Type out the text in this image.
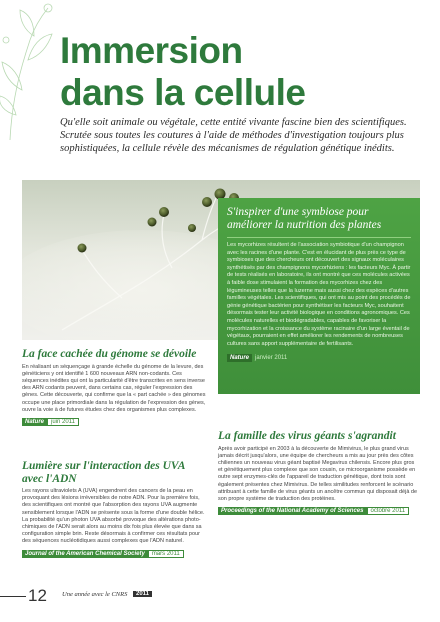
Immersion
dans la cellule

Qu'elle soit animale ou végétale, cette entité vivante fascine bien des scientifiques. Scrutée sous toutes les coutures à l'aide de méthodes d'investigation toujours plus sophistiquées, la cellule révèle des mécanismes de régulation génétique inédits.

S'inspirer d'une symbiose pour améliorer la nutrition des plantes

Les mycorhizes résultent de l'association symbiotique d'un champignon avec les racines d'une plante. C'est en élucidant de plus près ce type de symbioses que des chercheurs ont découvert des signaux moléculaires synthétisés par des champignons mycorhiziens : les facteurs Myc. À partir de tests réalisés en laboratoire, ils ont montré que ces molécules activées à faible dose stimulaient la formation des mycorhizes chez des légumineuses telles que la luzerne mais aussi chez des espèces d'autres familles végétales. Les scientifiques, qui ont mis au point des procédés de génie génétique bactérien pour synthétiser les facteurs Myc, souhaitent désormais tester leur activité biologique en conditions agronomiques. Ces molécules naturelles et biodégradables, capables de favoriser la mycorhization et la croissance du système racinaire d'un large éventail de végétaux, pourraient en effet améliorer les rendements de nombreuses cultures sans apport supplémentaire de fertilisants.

Nature janvier 2011
La face cachée du génome se dévoile

En réalisant un séquençage à grande échelle du génome de la levure, des généticiens y ont identifié 1 600 nouveaux ARN non-codants. Ces séquences inédites qui ont la particularité d'être transcrites en sens inverse des ARN codants peuvent, dans certains cas, réguler l'expression des gènes. Cette découverte, qui confirme que la « part cachée » des génomes occupe une place primordiale dans la régulation de l'expression des gènes, ouvre la voie à de futures études chez des organismes plus complexes.

Nature juin 2011
Lumière sur l'interaction des UVA avec l'ADN

Les rayons ultraviolets A (UVA) engendrent des cancers de la peau en provoquant des lésions irréversibles de notre ADN. Pour la première fois, des scientifiques ont montré que l'absorption des rayons UVA augmente sensiblement lorsque l'ADN se présente sous la forme d'une double hélice. La probabilité qu'un photon UVA absorbé provoque des altérations photo-chimiques de l'ADN serait alors au moins dix fois plus élevée que dans sa configuration simple brin. Reste désormais à confirmer ces résultats pour des séquences nucléotidiques aussi complexes que l'ADN naturel.

Journal of the American Chemical Society mars 2011
La famille des virus géants s'agrandit

Après avoir participé en 2003 à la découverte de Mimivirus, le plus grand virus jamais décrit jusqu'alors, une équipe de chercheurs a mis au jour près des côtes chiliennes un nouveau virus géant baptisé Megavirus chilensis. Encore plus gros et génétiquement plus complexe que son cousin, ce microorganisme possède en outre sept enzymes-clés de l'appareil de traduction génétique, dont trois sont également présentes chez Mimivirus. De telles similitudes renforcent le scénario attribuant à cette famille de virus géants un ancêtre commun qui disposait déjà de son propre système de traduction des protéines.

Proceedings of the National Academy of Sciences octobre 2011
12 Une année avec le CNRS	2011
